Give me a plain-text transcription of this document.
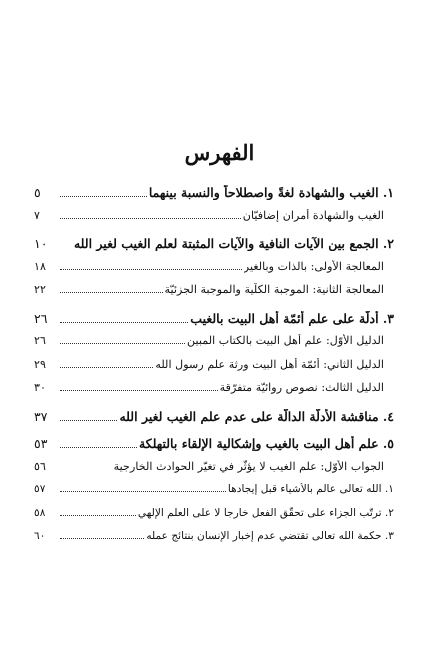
الفهرس
١. الغيب والشهادة لغةً واصطلاحاً والنسبة بينهما
٥
الغيب والشهادة أمران إضافيّان
٧
٢. الجمع بين الآيات النافية والآيات المثبتة لعلم الغيب لغير الله
١٠
المعالجة الأولى: بالذات وبالغير
١٨
المعالجة الثانية: الموجبة الكلّية والموجبة الجزئيّة
٢٢
٣. أدلّة على علم أئمّة أهل البيت بالغيب
٢٦
الدليل الأوّل: علم أهل البيت بالكتاب المبين
٢٦
الدليل الثاني: أئمّة أهل البيت ورثة علم رسول الله
٢٩
الدليل الثالث: نصوص روائيّة متفرّقة
٣٠
٤. مناقشة الأدلّة الدالّة على عدم علم الغيب لغير الله
٣٧
٥. علم أهل البيت بالغيب وإشكالية الإلقاء بالتهلكة
٥٣
الجواب الأوّل: علم الغيب لا يؤثّر في تغيّر الحوادث الخارجية
٥٦
١. الله تعالى عالم بالأشياء قبل إيجادها
٥٧
٢. ترتّب الجزاء على تحقّق الفعل خارجاً لا على العلم الإلهي
٥٨
٣. حكمة الله تعالى تقتضي عدم إخبار الإنسان بنتائج عمله
٦٠
